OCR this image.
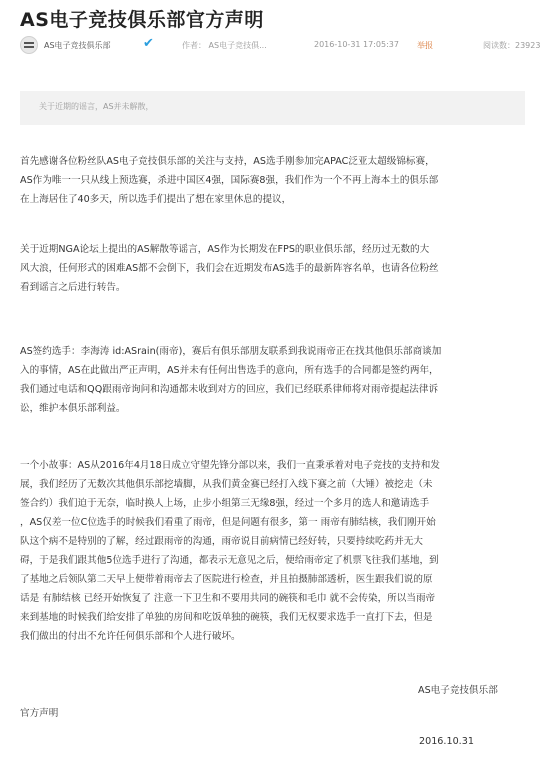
AS电子竞技俱乐部官方声明
AS电子竞技俱乐部 ✔	作者： AS电子竞技俱...	2016-10-31 17:05:37 举报	阅读数：23923
关于近期的谣言，AS并未解散，
首先感谢各位粉丝队AS电子竞技俱乐部的关注与支持，AS选手刚参加完APAC泛亚太超级锦标赛，
AS作为唯一一只从线上预选赛，杀进中国区4强，国际赛8强，我们作为一个不再上海本土的俱乐部
在上海居住了40多天，所以选手们提出了想在家里休息的提议，
关于近期NGA论坛上提出的AS解散等谣言，AS作为长期发在FPS的职业俱乐部，经历过无数的大
风大浪，任何形式的困难AS都不会倒下，我们会在近期发布AS选手的最新阵容名单，也请各位粉丝
看到谣言之后进行转告。
AS签约选手：李海涛 id:ASrain(雨帝)，赛后有俱乐部朋友联系到我说雨帝正在找其他俱乐部商谈加
入的事情，AS在此做出严正声明，AS并未有任何出售选手的意向，所有选手的合同都是签约两年，
我们通过电话和QQ跟雨帝询问和沟通都未收到对方的回应，我们已经联系律师将对雨帝提起法律诉
讼，维护本俱乐部利益。
一个小故事：AS从2016年4月18日成立守望先锋分部以来，我们一直秉承着对电子竞技的支持和发
展，我们经历了无数次其他俱乐部挖墙脚，从我们黄金赛已经打入线下赛之前（大锤）被挖走（未
签合约）我们迫于无奈，临时换人上场，止步小组第三无缘8强，经过一个多月的选人和邀请选手
，AS仅差一位C位选手的时候我们看重了雨帝，但是问题有很多，第一 雨帝有肺结核，我们刚开始
队这个病不是特别的了解，经过跟雨帝的沟通，雨帝说目前病情已经好转，只要持续吃药并无大
碍，于是我们跟其他5位选手进行了沟通，都表示无意见之后，便给雨帝定了机票飞往我们基地，到
了基地之后领队第二天早上便带着雨帝去了医院进行检查，并且拍摄肺部透析，医生跟我们说的原
话是 有肺结核 已经开始恢复了 注意一下卫生和不要用共同的碗筷和毛巾 就不会传染，所以当雨帝
来到基地的时候我们给安排了单独的房间和吃饭单独的碗筷，我们无权要求选手一直打下去，但是
我们做出的付出不允许任何俱乐部和个人进行破坏。
AS电子竞技俱乐部
官方声明
2016.10.31
